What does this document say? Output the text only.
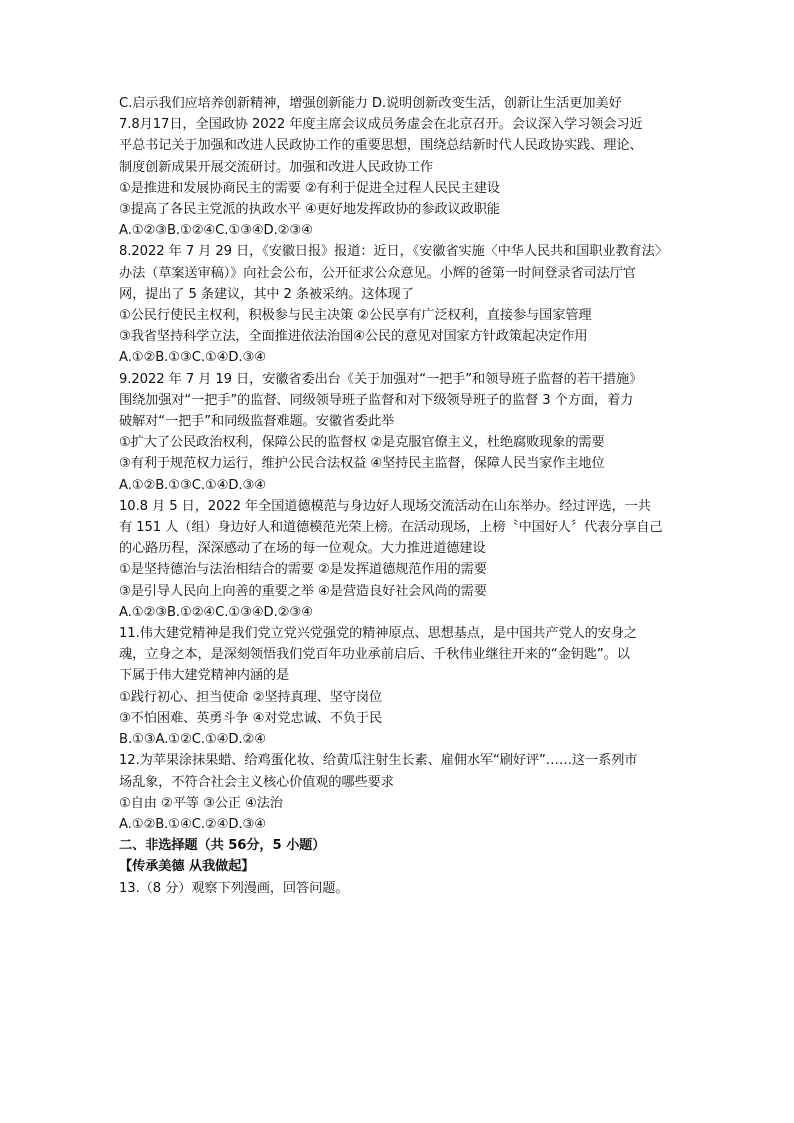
C.启示我们应培养创新精神，增强创新能力 D.说明创新改变生活，创新让生活更加美好
7.8月17日，全国政协 2022 年度主席会议成员务虚会在北京召开。会议深入学习领会习近
平总书记关于加强和改进人民政协工作的重要思想，围绕总结新时代人民政协实践、理论、
制度创新成果开展交流研讨。加强和改进人民政协工作
①是推进和发展协商民主的需要 ②有利于促进全过程人民民主建设
③提高了各民主党派的执政水平 ④更好地发挥政协的参政议政职能
A.①②③B.①②④C.①③④D.②③④
8.2022 年 7 月 29 日，《安徽日报》报道：近日，《安徽省实施〈中华人民共和国职业教育法〉
办法（草案送审稿）》向社会公布，公开征求公众意见。小辉的爸第一时间登录省司法厅官
网，提出了 5 条建议，其中 2 条被采纳。这体现了
①公民行使民主权利，积极参与民主决策 ②公民享有广泛权利，直接参与国家管理
③我省坚持科学立法，全面推进依法治国④公民的意见对国家方针政策起决定作用
A.①②B.①③C.①④D.③④
9.2022 年 7 月 19 日，安徽省委出台《关于加强对“一把手”和领导班子监督的若干措施》
围绕加强对“一把手”的监督、同级领导班子监督和对下级领导班子的监督 3 个方面，着力
破解对“一把手”和同级监督难题。安徽省委此举
①扩大了公民政治权利，保障公民的监督权 ②是克服官僚主义，杜绝腐败现象的需要
③有利于规范权力运行，维护公民合法权益 ④坚持民主监督，保障人民当家作主地位
A.①②B.①③C.①④D.③④
10.8 月 5 日，2022 年全国道德模范与身边好人现场交流活动在山东举办。经过评选，一共
有 151 人（组）身边好人和道德模范光荣上榜。在活动现场，上榜〝中国好人〞代表分享自己
的心路历程，深深感动了在场的每一位观众。大力推进道德建设
①是坚持德治与法治相结合的需要 ②是发挥道德规范作用的需要
③是引导人民向上向善的重要之举 ④是营造良好社会风尚的需要
A.①②③B.①②④C.①③④D.②③④
11.伟大建党精神是我们党立党兴党强党的精神原点、思想基点，是中国共产党人的安身之
魂，立身之本，是深刻领悟我们党百年功业承前启后、千秋伟业继往开来的“金钥匙”。以
下属于伟大建党精神内涵的是
①践行初心、担当使命 ②坚持真理、坚守岗位
③不怕困难、英勇斗争 ④对党忠诚、不负于民
B.①③A.①②C.①④D.②④
12.为苹果涂抹果蜡、给鸡蛋化妆、给黄瓜注射生长素、雇佣水军“刷好评”……这一系列市
场乱象，不符合社会主义核心价值观的哪些要求
①自由 ②平等 ③公正 ④法治
A.①②B.①④C.②④D.③④
二、非选择题（共 56分，5 小题）
【传承美德 从我做起】
13.（8 分）观察下列漫画，回答问题。
